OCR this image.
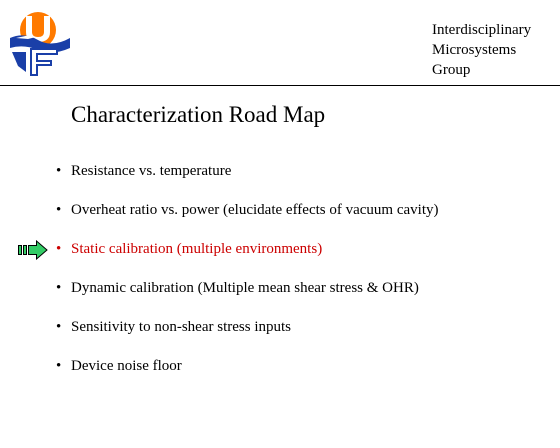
Interdisciplinary
Microsystems
Group
Characterization Road Map
• Resistance vs. temperature
• Overheat ratio vs. power (elucidate effects of vacuum cavity)
• Static calibration (multiple environments)
• Dynamic calibration (Multiple mean shear stress & OHR)
• Sensitivity to non-shear stress inputs
• Device noise floor
